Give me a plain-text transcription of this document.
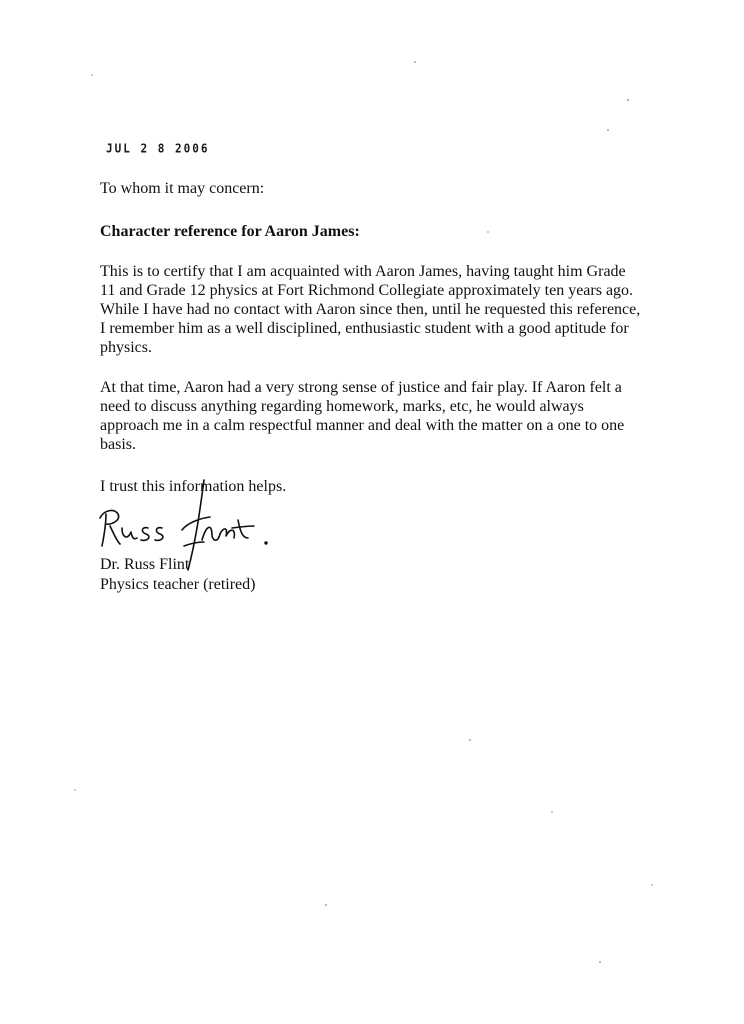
JUL 2 8 2006
To whom it may concern:
Character reference for Aaron James:
This is to certify that I am acquainted with Aaron James, having taught him Grade 11 and Grade 12 physics at Fort Richmond Collegiate approximately ten years ago. While I have had no contact with Aaron since then, until he requested this reference, I remember him as a well disciplined, enthusiastic student with a good aptitude for physics.
At that time, Aaron had a very strong sense of justice and fair play. If Aaron felt a need to discuss anything regarding homework, marks, etc, he would always approach me in a calm respectful manner and deal with the matter on a one to one basis.
I trust this information helps.
Dr. Russ Flint
Physics teacher (retired)
